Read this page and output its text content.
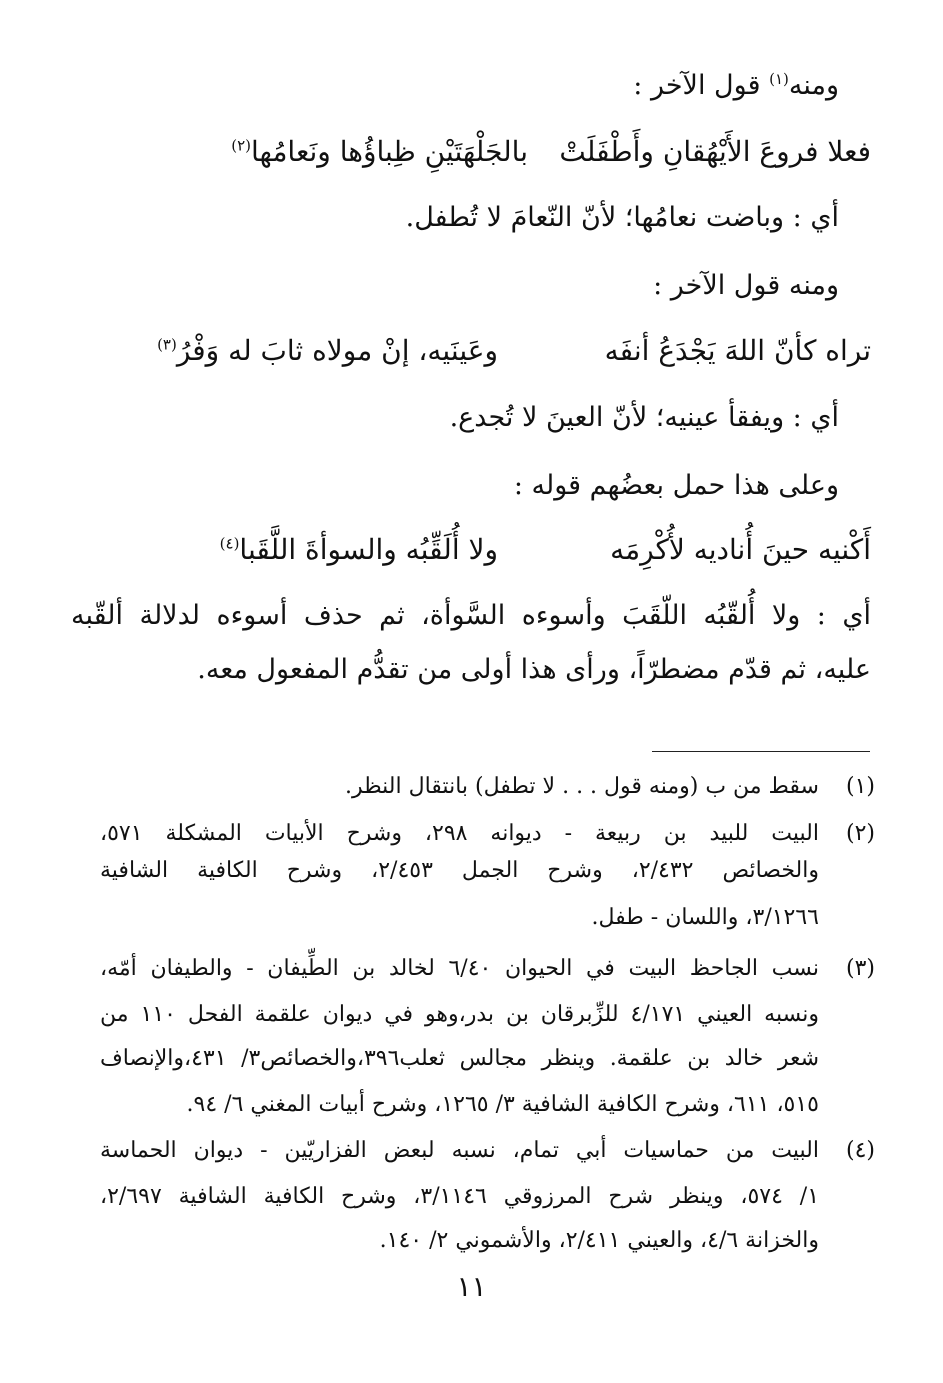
ومنه$^{(١)}$ قول الآخر :
فعلا فروعَ الأَيْهُقانِ وأَطْفَلَتْ
بالجَلْهَتَيْنِ ظِباؤُها ونَعامُها$^{(٢)}$
أي : وباضت نعامُها؛ لأنّ النّعامَ لا تُطفل.
ومنه قول الآخر :
تراه كأنّ اللهَ يَجْدَعُ أنفَه
وعَينَيه، إنْ مولاه ثابَ له وَفْرُ$^{(٣)}$
أي : ويفقأ عينيه؛ لأنّ العينَ لا تُجدع.
وعلى هذا حمل بعضُهم قوله :
أَكْنيه حينَ أُناديه لأُكْرِمَه
ولا أُلَقِّبُه والسوأةَ اللَّقَبا$^{(٤)}$
أي : ولا أُلقّبُه اللّقَبَ وأسوءه السَّوأة، ثم حذف أسوءه لدلالة ألقّبه
عليه، ثم قدّم مضطرّاً، ورأى هذا أولى من تقدُّم المفعول معه.
(١)
سقط من ب (ومنه قول . . . لا تطفل) بانتقال النظر.
(٢)
البيت للبيد بن ربيعة - ديوانه ٢٩٨، وشرح الأبيات المشكلة ٥٧١،
والخصائص ٢/٤٣٢، وشرح الجمل ٢/٤٥٣، وشرح الكافية الشافية
٣/١٢٦٦، واللسان - طفل.
(٣)
نسب الجاحظ البيت في الحيوان ٦/٤٠ لخالد بن الطِّيفان - والطيفان أمّه،
ونسبه العيني ٤/١٧١ للزِّبرقان بن بدر،وهو في ديوان علقمة الفحل ١١٠ من
شعر خالد بن علقمة. وينظر مجالس ثعلب٣٩٦،والخصائص٣/ ٤٣١،والإنصاف
٥١٥، ٦١١، وشرح الكافية الشافية ٣/ ١٢٦٥، وشرح أبيات المغني ٦/ ٩٤.
(٤)
البيت من حماسيات أبي تمام، نسبه لبعض الفزاريّين - ديوان الحماسة
١/ ٥٧٤، وينظر شرح المرزوقي ٣/١١٤٦، وشرح الكافية الشافية ٢/٦٩٧،
والخزانة ٤/٦، والعيني ٢/٤١١، والأشموني ٢/ ١٤٠.
١١
